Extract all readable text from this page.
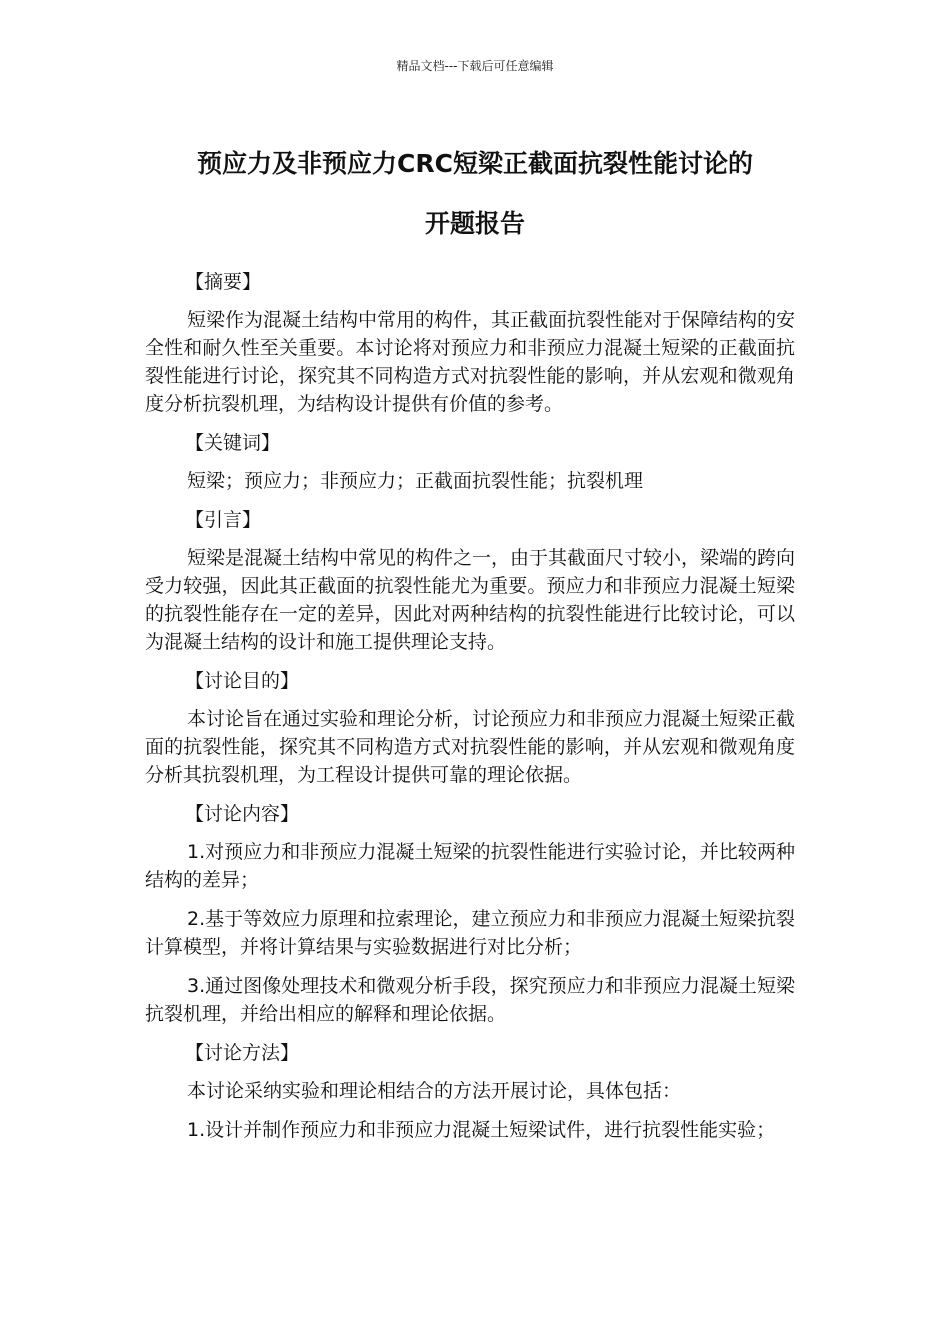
精品文档---下载后可任意编辑
预应力及非预应力CRC短梁正截面抗裂性能讨论的
开题报告
【摘要】

短梁作为混凝土结构中常用的构件，其正截面抗裂性能对于保障结构的安全性和耐久性至关重要。本讨论将对预应力和非预应力混凝土短梁的正截面抗裂性能进行讨论，探究其不同构造方式对抗裂性能的影响，并从宏观和微观角度分析抗裂机理，为结构设计提供有价值的参考。

【关键词】

短梁；预应力；非预应力；正截面抗裂性能；抗裂机理

【引言】

短梁是混凝土结构中常见的构件之一，由于其截面尺寸较小，梁端的跨向受力较强，因此其正截面的抗裂性能尤为重要。预应力和非预应力混凝土短梁的抗裂性能存在一定的差异，因此对两种结构的抗裂性能进行比较讨论，可以为混凝土结构的设计和施工提供理论支持。

【讨论目的】

本讨论旨在通过实验和理论分析，讨论预应力和非预应力混凝土短梁正截面的抗裂性能，探究其不同构造方式对抗裂性能的影响，并从宏观和微观角度分析其抗裂机理，为工程设计提供可靠的理论依据。

【讨论内容】

1.对预应力和非预应力混凝土短梁的抗裂性能进行实验讨论，并比较两种结构的差异；

2.基于等效应力原理和拉索理论，建立预应力和非预应力混凝土短梁抗裂计算模型，并将计算结果与实验数据进行对比分析；

3.通过图像处理技术和微观分析手段，探究预应力和非预应力混凝土短梁抗裂机理，并给出相应的解释和理论依据。

【讨论方法】

本讨论采纳实验和理论相结合的方法开展讨论，具体包括：

1.设计并制作预应力和非预应力混凝土短梁试件，进行抗裂性能实验；
